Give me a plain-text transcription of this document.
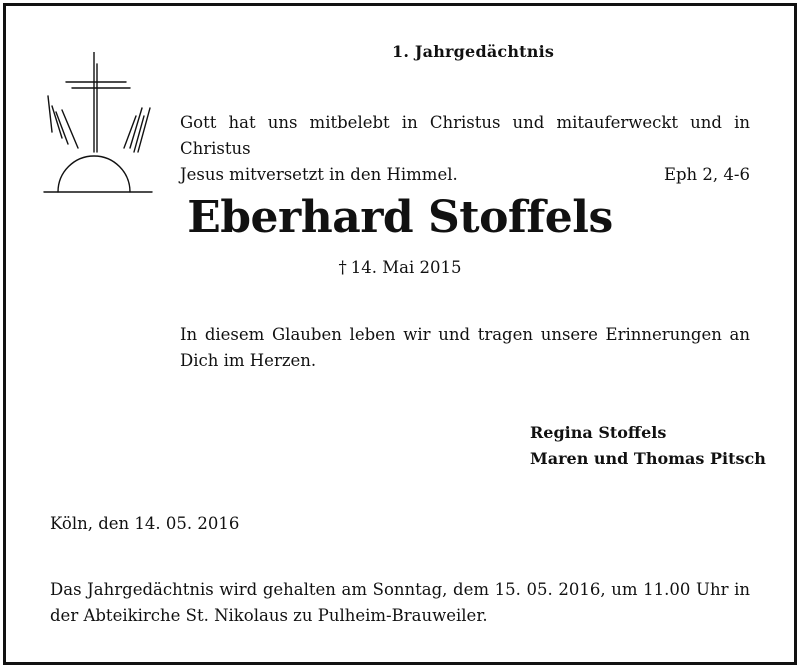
1. Jahrgedächtnis
Gott hat uns mitbelebt in Christus und mitauferweckt und in Christus
Jesus mitversetzt in den Himmel.	Eph 2, 4-6
Eberhard Stoffels
† 14. Mai 2015
In diesem Glauben leben wir und tragen unsere Erinnerungen an Dich im Herzen.
Regina Stoffels
Maren und Thomas Pitsch
Köln, den 14. 05. 2016
Das Jahrgedächtnis wird gehalten am Sonntag, dem 15. 05. 2016, um 11.00 Uhr in der Abteikirche St. Nikolaus zu Pulheim-Brauweiler.
